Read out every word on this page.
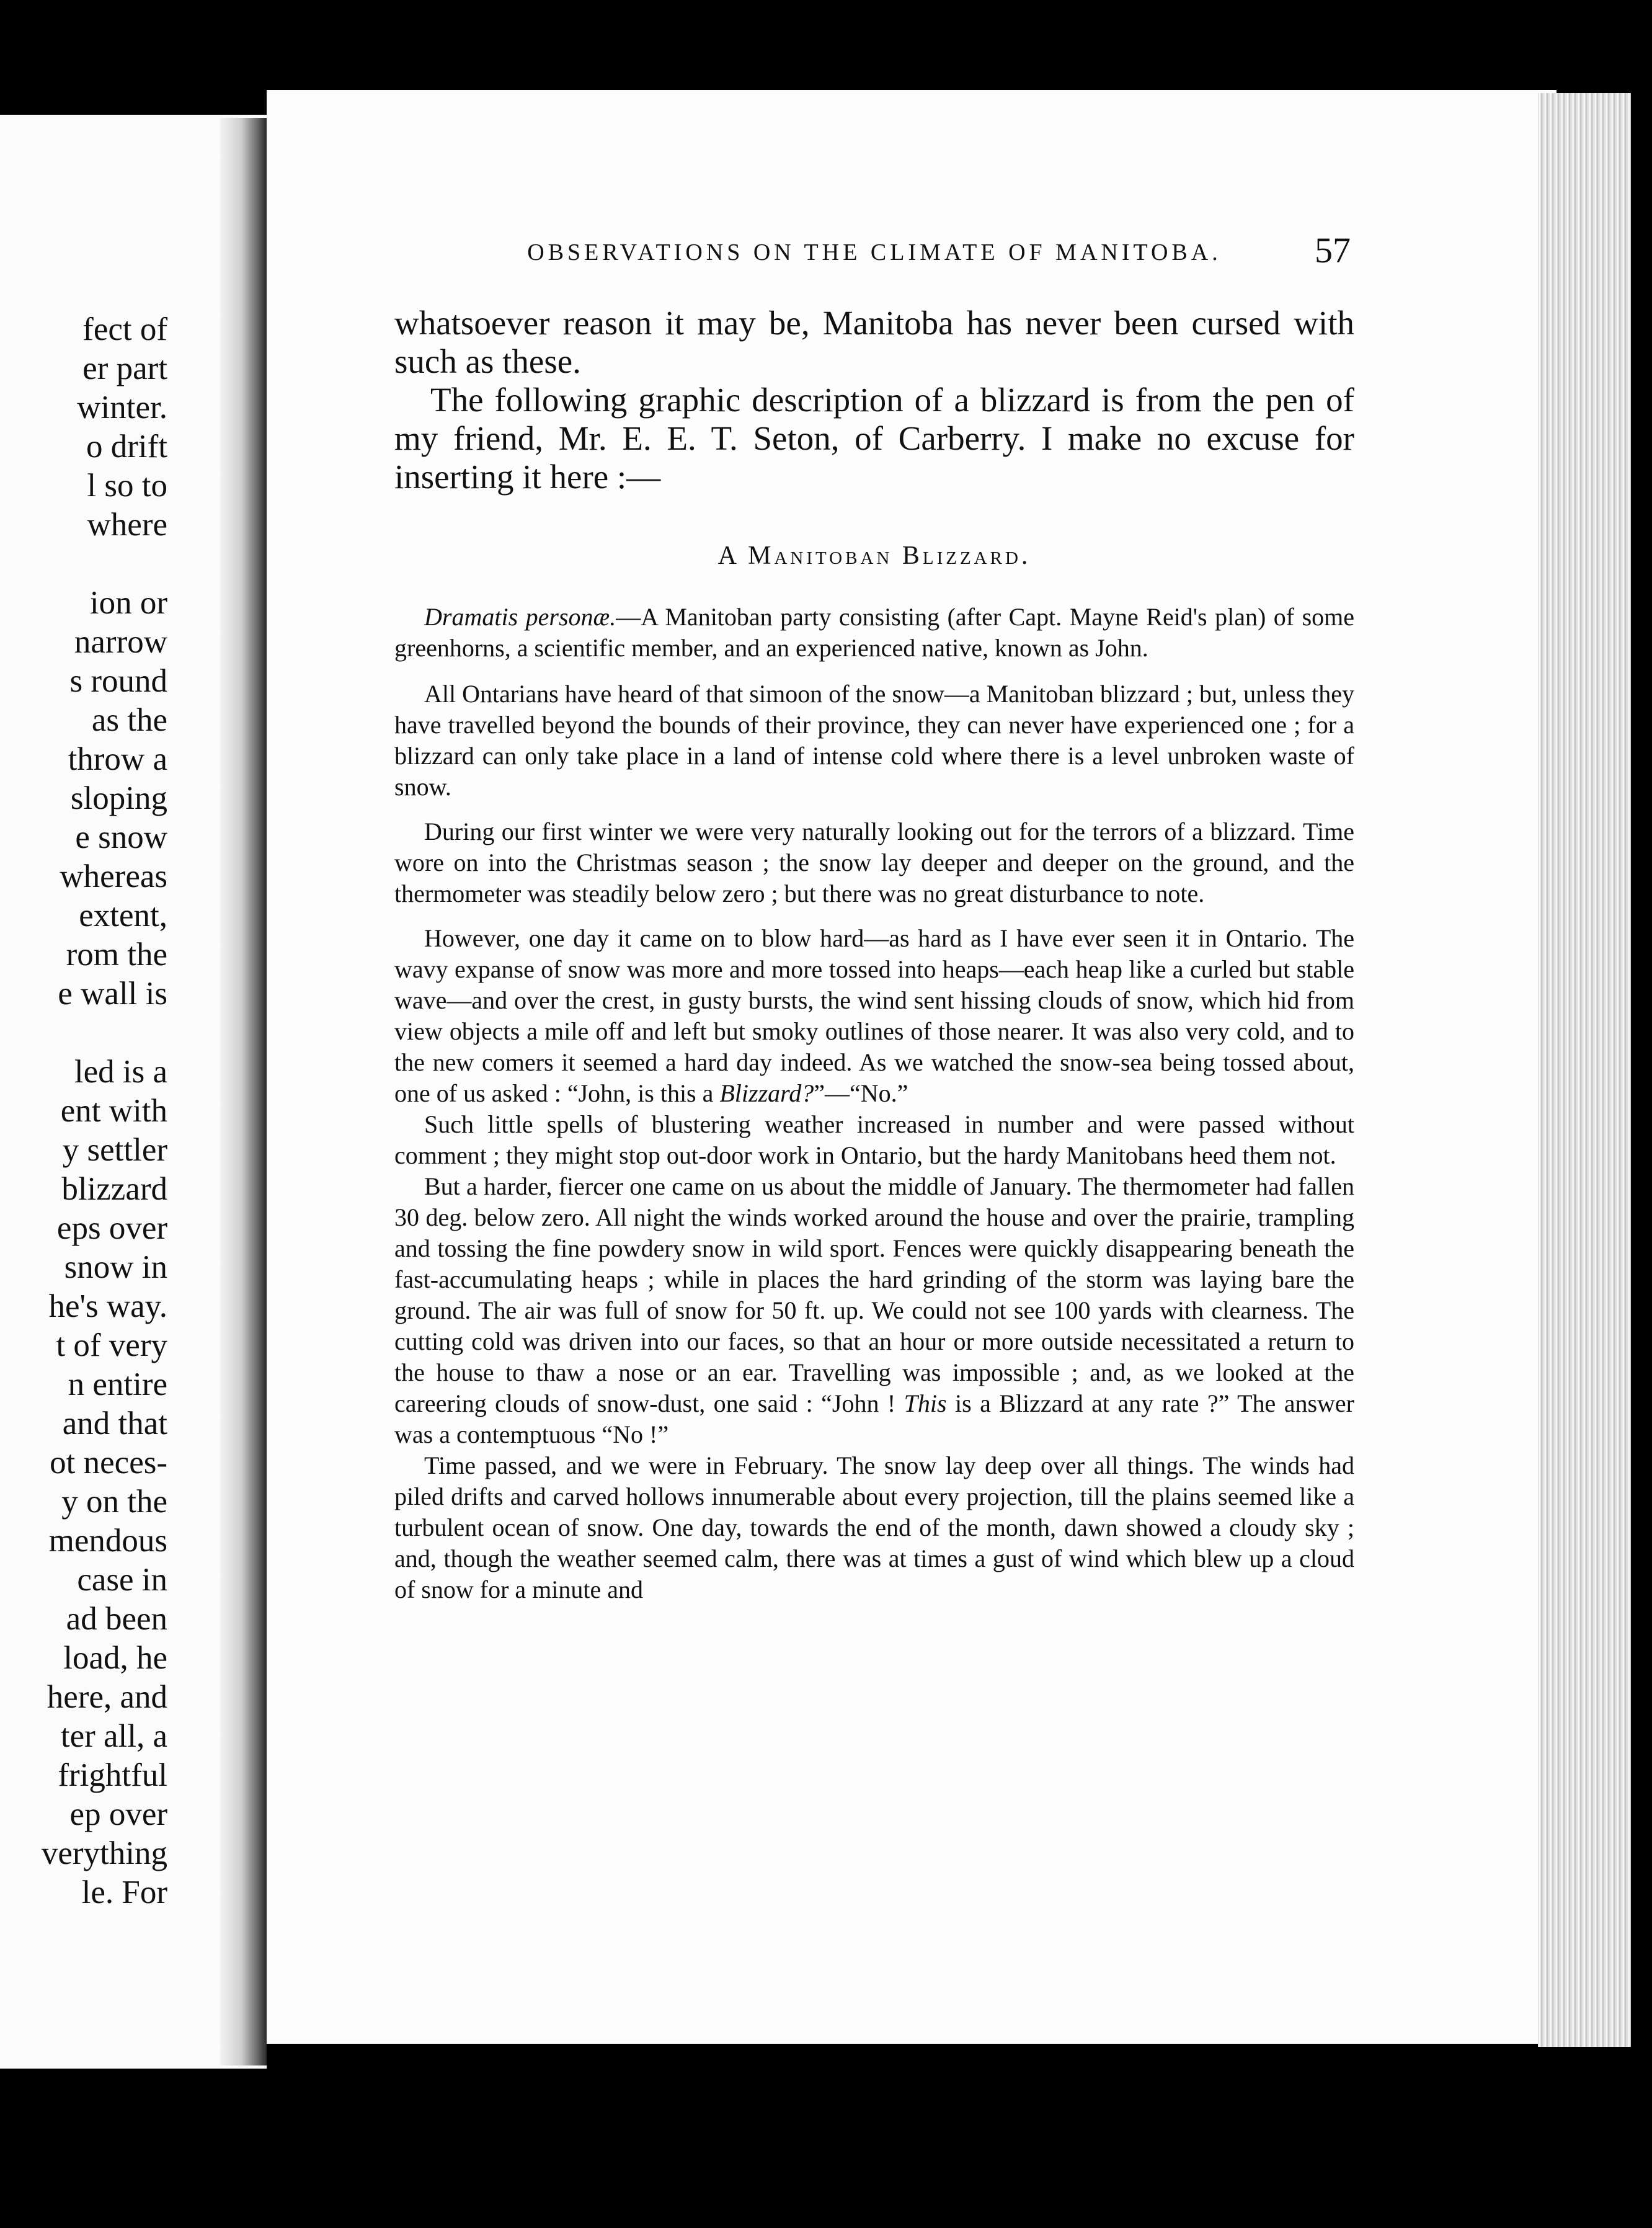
fect of
er part
winter.
o drift
l so to
where
ion or
narrow
s round
as the
throw a
sloping
e snow
whereas
extent,
rom the
e wall is
led is a
ent with
y settler
blizzard
eps over
snow in
he's way.
t of very
n entire
and that
ot neces-
y on the
mendous
case in
ad been
load, he
here, and
ter all, a
frightful
ep over
verything
le. For
OBSERVATIONS ON THE CLIMATE OF MANITOBA.	57

whatsoever reason it may be, Manitoba has never been cursed with such as these.

The following graphic description of a blizzard is from the pen of my friend, Mr. E. E. T. Seton, of Carberry. I make no excuse for inserting it here :—

A Manitoban Blizzard.

Dramatis personæ.—A Manitoban party consisting (after Capt. Mayne Reid's plan) of some greenhorns, a scientific member, and an experienced native, known as John.

All Ontarians have heard of that simoon of the snow—a Manitoban blizzard ; but, unless they have travelled beyond the bounds of their province, they can never have experienced one ; for a blizzard can only take place in a land of intense cold where there is a level unbroken waste of snow.

During our first winter we were very naturally looking out for the terrors of a blizzard. Time wore on into the Christmas season ; the snow lay deeper and deeper on the ground, and the thermometer was steadily below zero ; but there was no great disturbance to note.

However, one day it came on to blow hard—as hard as I have ever seen it in Ontario. The wavy expanse of snow was more and more tossed into heaps—each heap like a curled but stable wave—and over the crest, in gusty bursts, the wind sent hissing clouds of snow, which hid from view objects a mile off and left but smoky outlines of those nearer. It was also very cold, and to the new comers it seemed a hard day indeed. As we watched the snow-sea being tossed about, one of us asked : “John, is this a Blizzard?”—“No.”

Such little spells of blustering weather increased in number and were passed without comment ; they might stop out-door work in Ontario, but the hardy Manitobans heed them not.

But a harder, fiercer one came on us about the middle of January. The thermometer had fallen 30 deg. below zero. All night the winds worked around the house and over the prairie, trampling and tossing the fine powdery snow in wild sport. Fences were quickly disappearing beneath the fast-accumulating heaps ; while in places the hard grinding of the storm was laying bare the ground. The air was full of snow for 50 ft. up. We could not see 100 yards with clearness. The cutting cold was driven into our faces, so that an hour or more outside necessitated a return to the house to thaw a nose or an ear. Travelling was impossible ; and, as we looked at the careering clouds of snow-dust, one said : “John ! This is a Blizzard at any rate ?” The answer was a contemptuous “No !”

Time passed, and we were in February. The snow lay deep over all things. The winds had piled drifts and carved hollows innumerable about every projection, till the plains seemed like a turbulent ocean of snow. One day, towards the end of the month, dawn showed a cloudy sky ; and, though the weather seemed calm, there was at times a gust of wind which blew up a cloud of snow for a minute and
